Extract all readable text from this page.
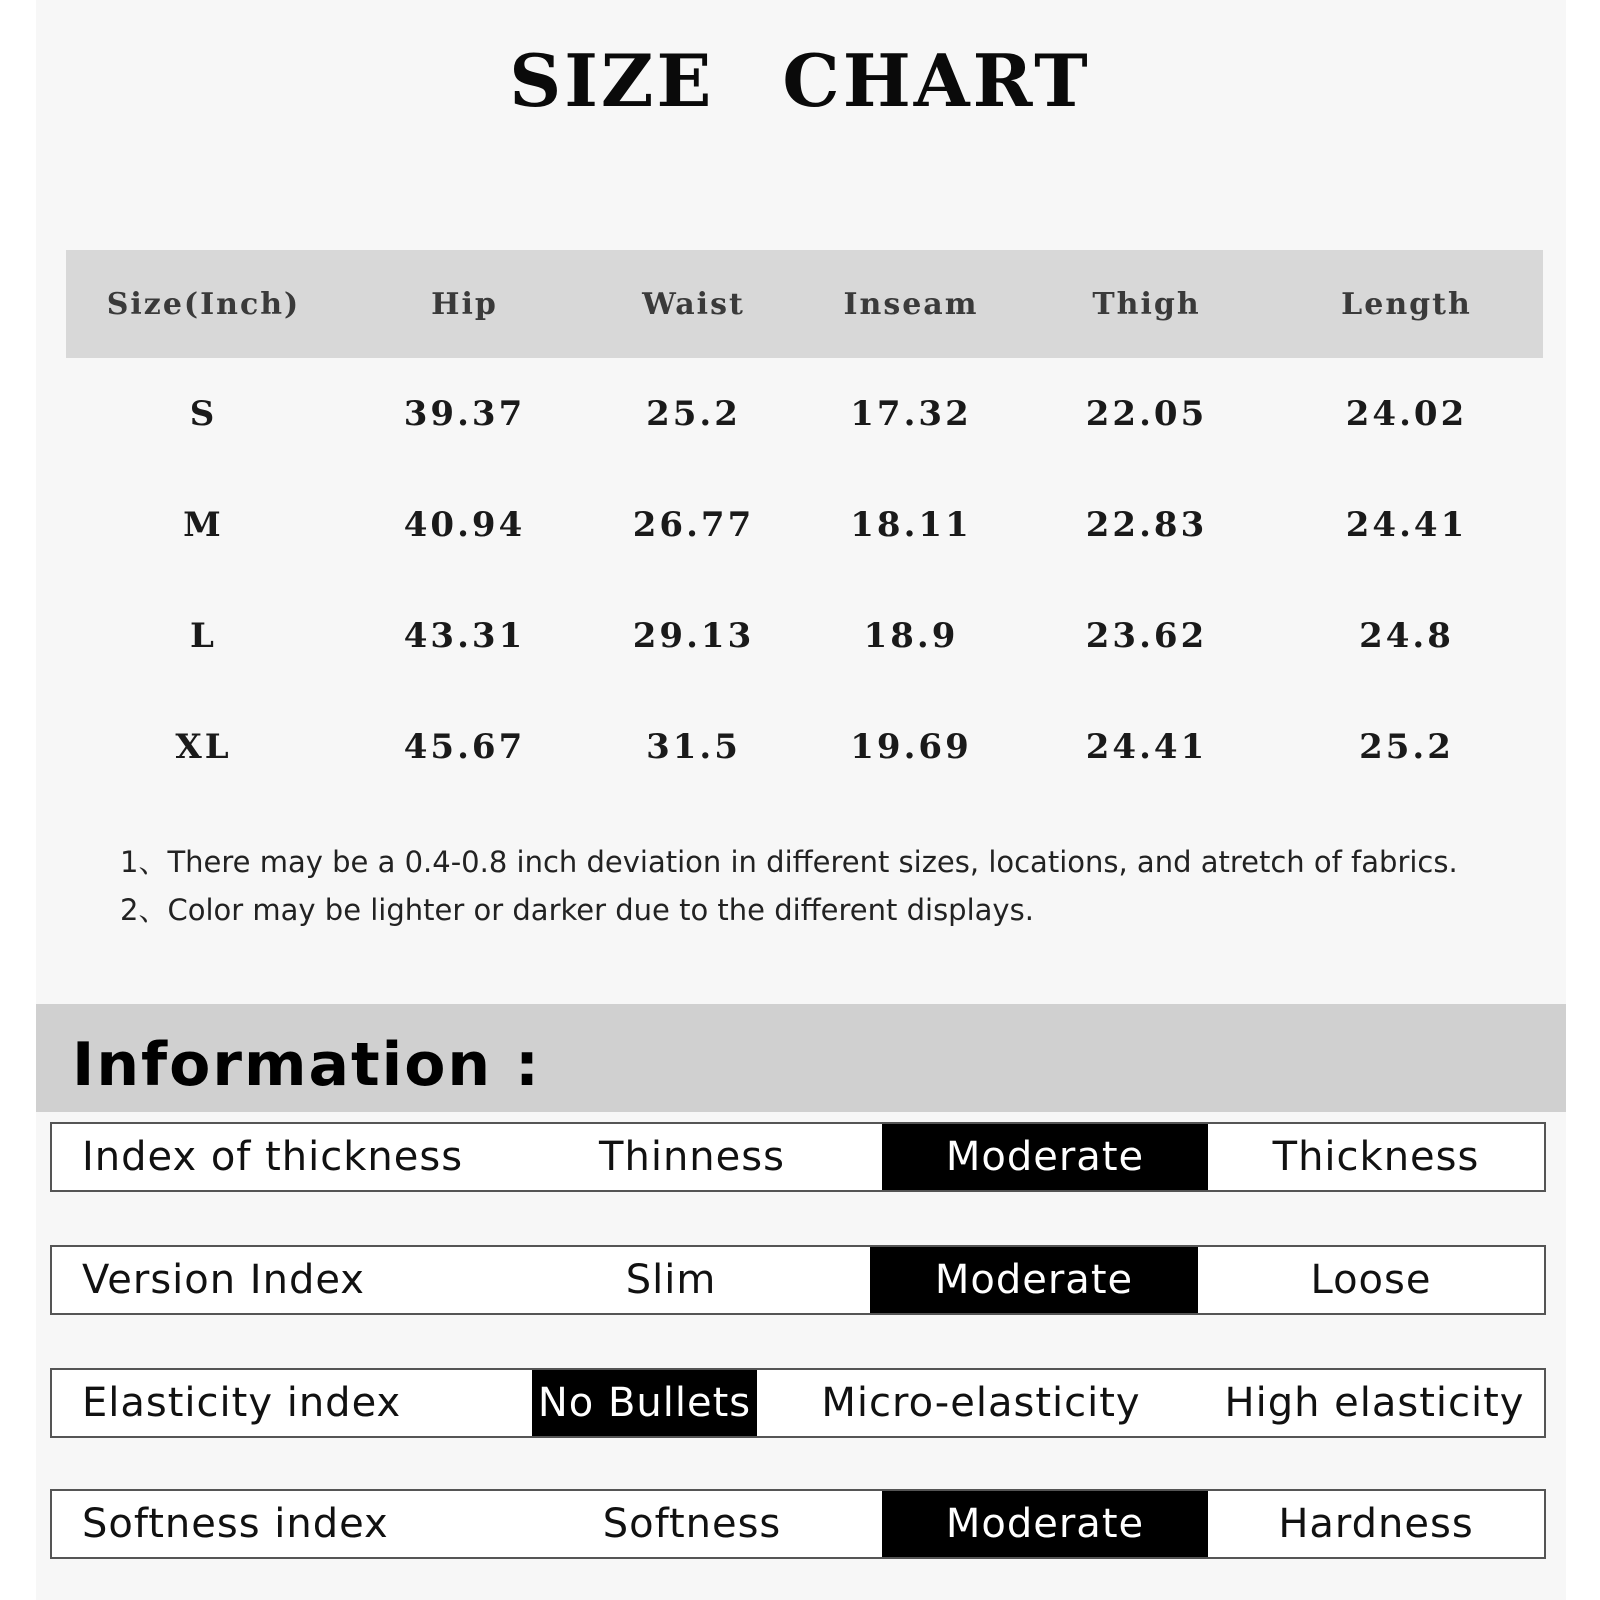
SIZE CHART
Size(Inch)	Hip	Waist	Inseam	Thigh	Length
S	39.37	25.2	17.32	22.05	24.02
M	40.94	26.77	18.11	22.83	24.41
L	43.31	29.13	18.9	23.62	24.8
XL	45.67	31.5	19.69	24.41	25.2
1、There may be a 0.4-0.8 inch deviation in different sizes, locations, and atretch of fabrics.
2、Color may be lighter or darker due to the different displays.
Information :
Index of thickness	Thinness	Moderate	Thickness
Version Index	Slim	Moderate	Loose
Elasticity index	No Bullets	Micro-elasticity	High elasticity
Softness index	Softness	Moderate	Hardness
